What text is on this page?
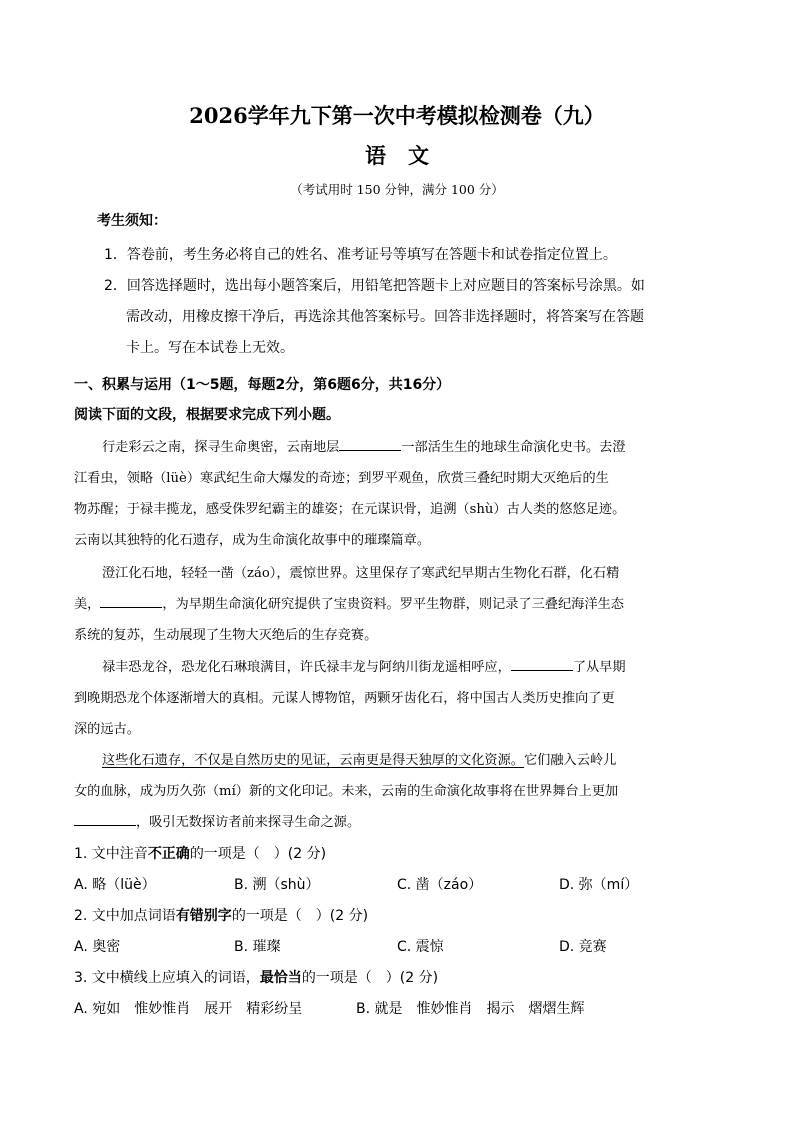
2026学年九下第一次中考模拟检测卷（九）
语文
（考试用时 150 分钟，满分 100 分）
考生须知：
1．答卷前，考生务必将自己的姓名、准考证号等填写在答题卡和试卷指定位置上。
2．回答选择题时，选出每小题答案后，用铅笔把答题卡上对应题目的答案标号涂黑。如
需改动，用橡皮擦干净后，再选涂其他答案标号。回答非选择题时，将答案写在答题
卡上。写在本试卷上无效。
一、积累与运用（1～5题，每题2分，第6题6分，共16分）
阅读下面的文段，根据要求完成下列小题。
行走彩云之南，探寻生命奥密，云南地层	一部活生生的地球生命演化史书。去澄
江看虫，领略（lüè）寒武纪生命大爆发的奇迹；到罗平观鱼，欣赏三叠纪时期大灭绝后的生
物苏醒；于禄丰揽龙，感受侏罗纪霸主的雄姿；在元谋识骨，追溯（shù）古人类的悠悠足迹。
云南以其独特的化石遗存，成为生命演化故事中的璀璨篇章。
澄江化石地，轻轻一凿（záo），震惊世界。这里保存了寒武纪早期古生物化石群，化石精
美，	，为早期生命演化研究提供了宝贵资料。罗平生物群，则记录了三叠纪海洋生态
系统的复苏，生动展现了生物大灭绝后的生存竞赛。
禄丰恐龙谷，恐龙化石琳琅满目，许氏禄丰龙与阿纳川街龙遥相呼应，	了从早期
到晚期恐龙个体逐渐增大的真相。元谋人博物馆，两颗牙齿化石，将中国古人类历史推向了更
深的远古。
这些化石遗存，不仅是自然历史的见证，云南更是得天独厚的文化资源。它们融入云岭儿
女的血脉，成为历久弥（mí）新的文化印记。未来，云南的生命演化故事将在世界舞台上更加
，吸引无数探访者前来探寻生命之源。
1. 文中注音不正确的一项是（　）(2 分)
A. 略（lüè）	B. 溯（shù）	C. 凿（záo）	D. 弥（mí）
2. 文中加点词语有错别字的一项是（　）(2 分)
A. 奥密	B. 璀璨	C. 震惊	D. 竞赛
3. 文中横线上应填入的词语，最恰当的一项是（　）(2 分)
A. 宛如　惟妙惟肖　展开　精彩纷呈	B. 就是　惟妙惟肖　揭示　熠熠生辉
